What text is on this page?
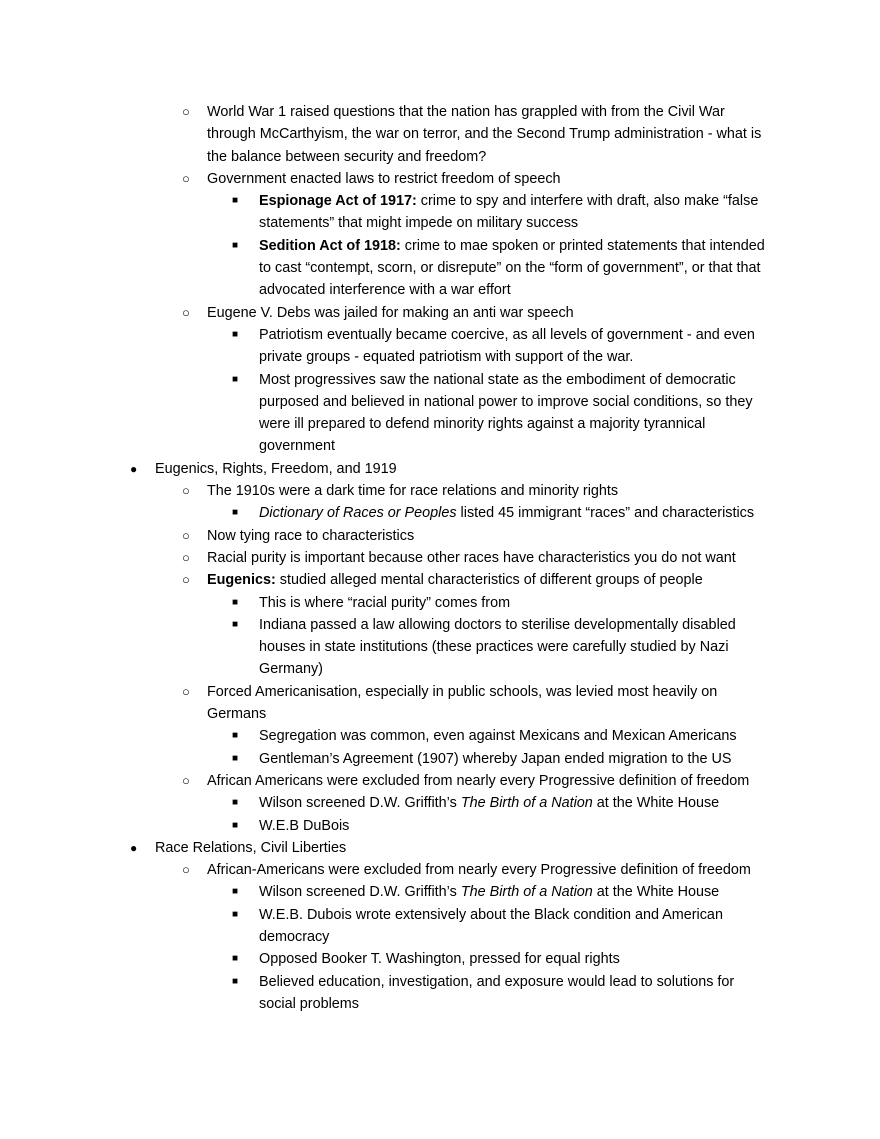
○ World War 1 raised questions that the nation has grappled with from the Civil War through McCarthyism, the war on terror, and the Second Trump administration - what is the balance between security and freedom?
○ Government enacted laws to restrict freedom of speech
■ Espionage Act of 1917: crime to spy and interfere with draft, also make “false statements” that might impede on military success
■ Sedition Act of 1918: crime to mae spoken or printed statements that intended to cast “contempt, scorn, or disrepute” on the “form of government”, or that that advocated interference with a war effort
○ Eugene V. Debs was jailed for making an anti war speech
■ Patriotism eventually became coercive, as all levels of government - and even private groups - equated patriotism with support of the war.
■ Most progressives saw the national state as the embodiment of democratic purposed and believed in national power to improve social conditions, so they were ill prepared to defend minority rights against a majority tyrannical government
● Eugenics, Rights, Freedom, and 1919
○ The 1910s were a dark time for race relations and minority rights
■ Dictionary of Races or Peoples listed 45 immigrant “races” and characteristics
○ Now tying race to characteristics
○ Racial purity is important because other races have characteristics you do not want
○ Eugenics: studied alleged mental characteristics of different groups of people
■ This is where “racial purity” comes from
■ Indiana passed a law allowing doctors to sterilise developmentally disabled houses in state institutions (these practices were carefully studied by Nazi Germany)
○ Forced Americanisation, especially in public schools, was levied most heavily on Germans
■ Segregation was common, even against Mexicans and Mexican Americans
■ Gentleman’s Agreement (1907) whereby Japan ended migration to the US
○ African Americans were excluded from nearly every Progressive definition of freedom
■ Wilson screened D.W. Griffith’s The Birth of a Nation at the White House
■ W.E.B DuBois
● Race Relations, Civil Liberties
○ African-Americans were excluded from nearly every Progressive definition of freedom
■ Wilson screened D.W. Griffith’s The Birth of a Nation at the White House
■ W.E.B. Dubois wrote extensively about the Black condition and American democracy
■ Opposed Booker T. Washington, pressed for equal rights
■ Believed education, investigation, and exposure would lead to solutions for social problems
